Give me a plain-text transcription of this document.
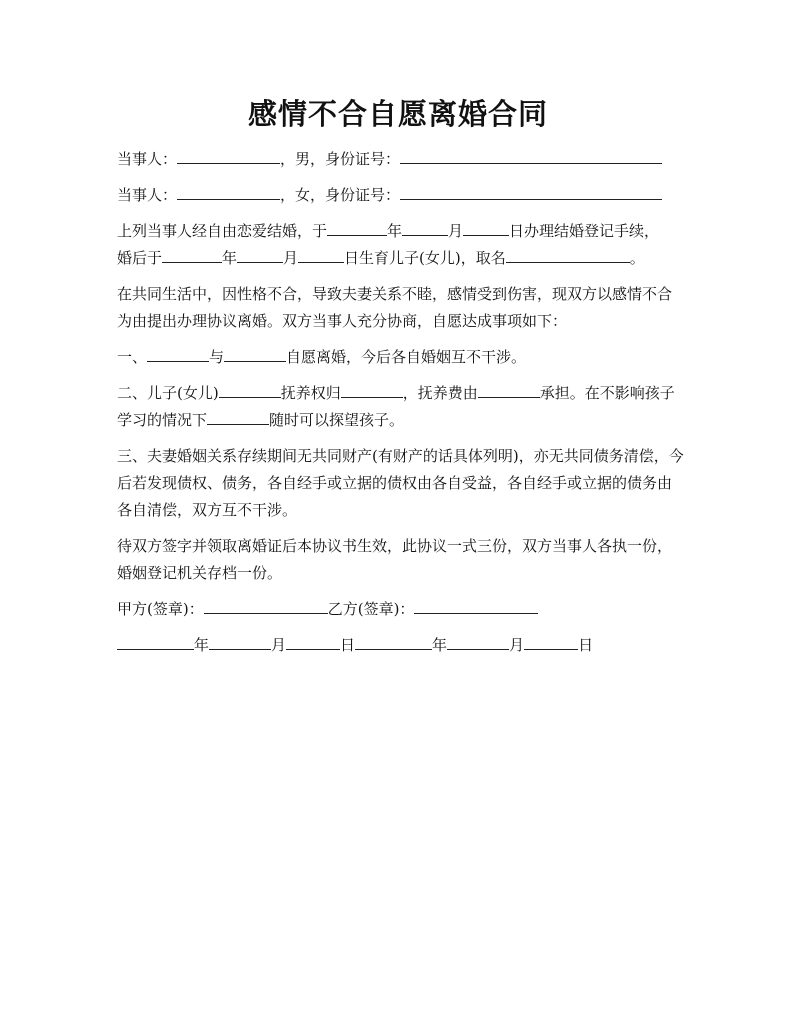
感情不合自愿离婚合同

当事人：	，男，身份证号：

当事人：	，女，身份证号：

上列当事人经自由恋爱结婚，于	年	月	日办理结婚登记手续，
婚后于	年	月	日生育儿子(女儿)，取名	。

在共同生活中，因性格不合，导致夫妻关系不睦，感情受到伤害，现双方以感情不合为由提出办理协议离婚。双方当事人充分协商，自愿达成事项如下：

一、	与	自愿离婚，今后各自婚姻互不干涉。

二、儿子(女儿)	抚养权归	，抚养费由	承担。在不影响孩子学习的情况下	随时可以探望孩子。

三、夫妻婚姻关系存续期间无共同财产(有财产的话具体列明)，亦无共同债务清偿，今后若发现债权、债务，各自经手或立据的债权由各自受益，各自经手或立据的债务由各自清偿，双方互不干涉。

待双方签字并领取离婚证后本协议书生效，此协议一式三份，双方当事人各执一份，婚姻登记机关存档一份。

甲方(签章)：	乙方(签章)：

年	月	日	年	月	日
